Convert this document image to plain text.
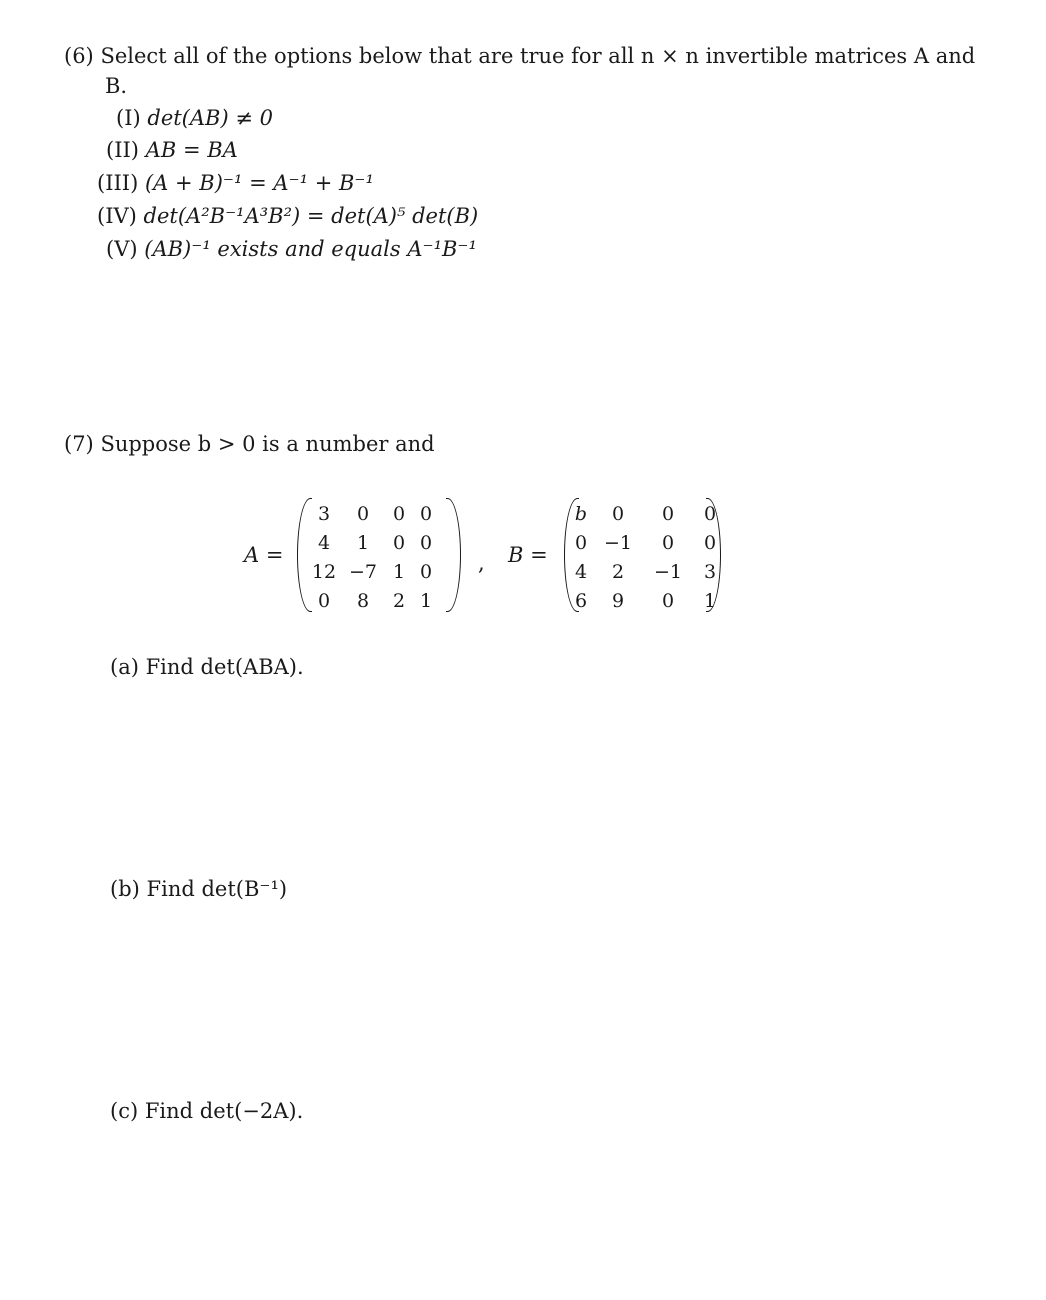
(6) Select all of the options below that are true for all n × n invertible matrices A and
B.
(I) det(AB) ≠ 0
(II) AB = BA
(III) (A + B)⁻¹ = A⁻¹ + B⁻¹
(IV) det(A²B⁻¹A³B²) = det(A)⁵ det(B)
(V) (AB)⁻¹ exists and equals A⁻¹B⁻¹
(7) Suppose b > 0 is a number and
A =
3	0	0 0
4	1	0 0
12 −7 1 0
0	8	2 1
, B =
b	0	0	0
0 −1	0	0
4	2	−1	3
6	9	0	1
(a) Find det(ABA).
(b) Find det(B⁻¹)
(c) Find det(−2A).
